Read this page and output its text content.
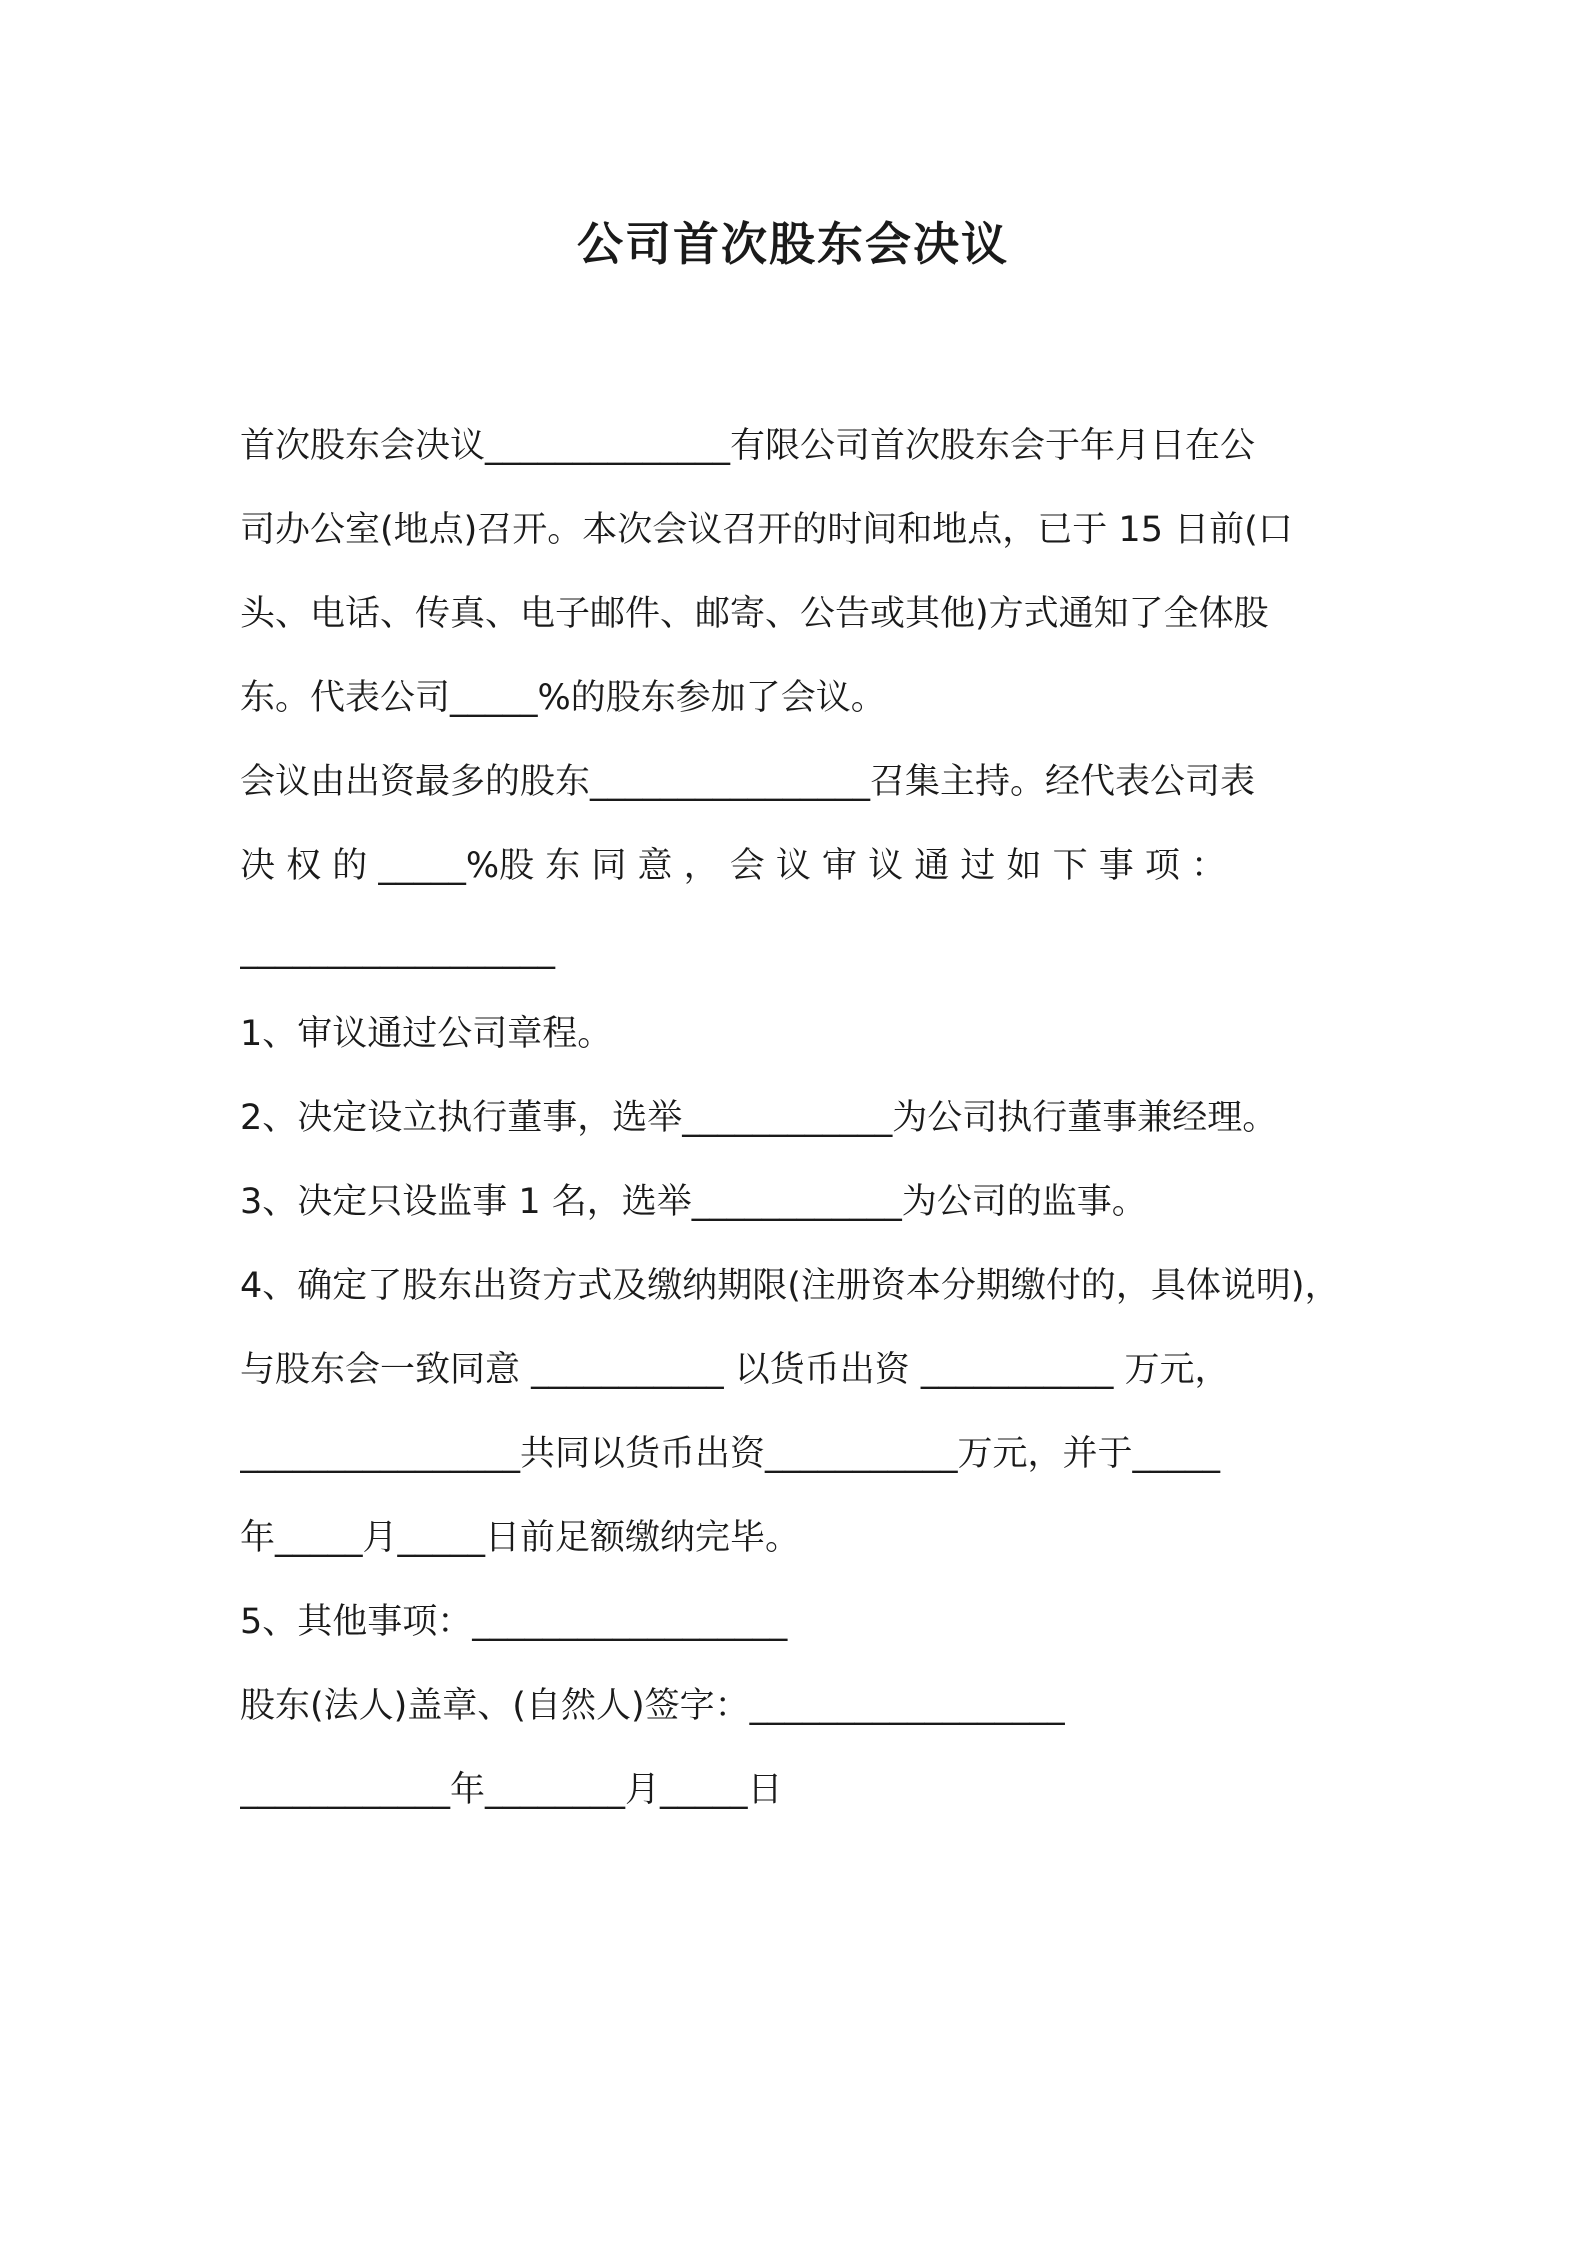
公司首次股东会决议

首次股东会决议______________有限公司首次股东会于年月日在公

司办公室(地点)召开。本次会议召开的时间和地点，已于 15 日前(口

头、电话、传真、电子邮件、邮寄、公告或其他)方式通知了全体股

东。代表公司_____%的股东参加了会议。

会议由出资最多的股东________________召集主持。经代表公司表

决 权 的 _____%股 东 同 意 ， 会 议 审 议 通 过 如 下 事 项 ：

__________________

1、审议通过公司章程。

2、决定设立执行董事，选举____________为公司执行董事兼经理。

3、决定只设监事 1 名，选举____________为公司的监事。

4、确定了股东出资方式及缴纳期限(注册资本分期缴付的，具体说明)，

与股东会一致同意 ___________ 以货币出资 ___________ 万元，

________________共同以货币出资___________万元，并于_____

年_____月_____日前足额缴纳完毕。

5、其他事项：__________________

股东(法人)盖章、(自然人)签字：__________________

____________年________月_____日
